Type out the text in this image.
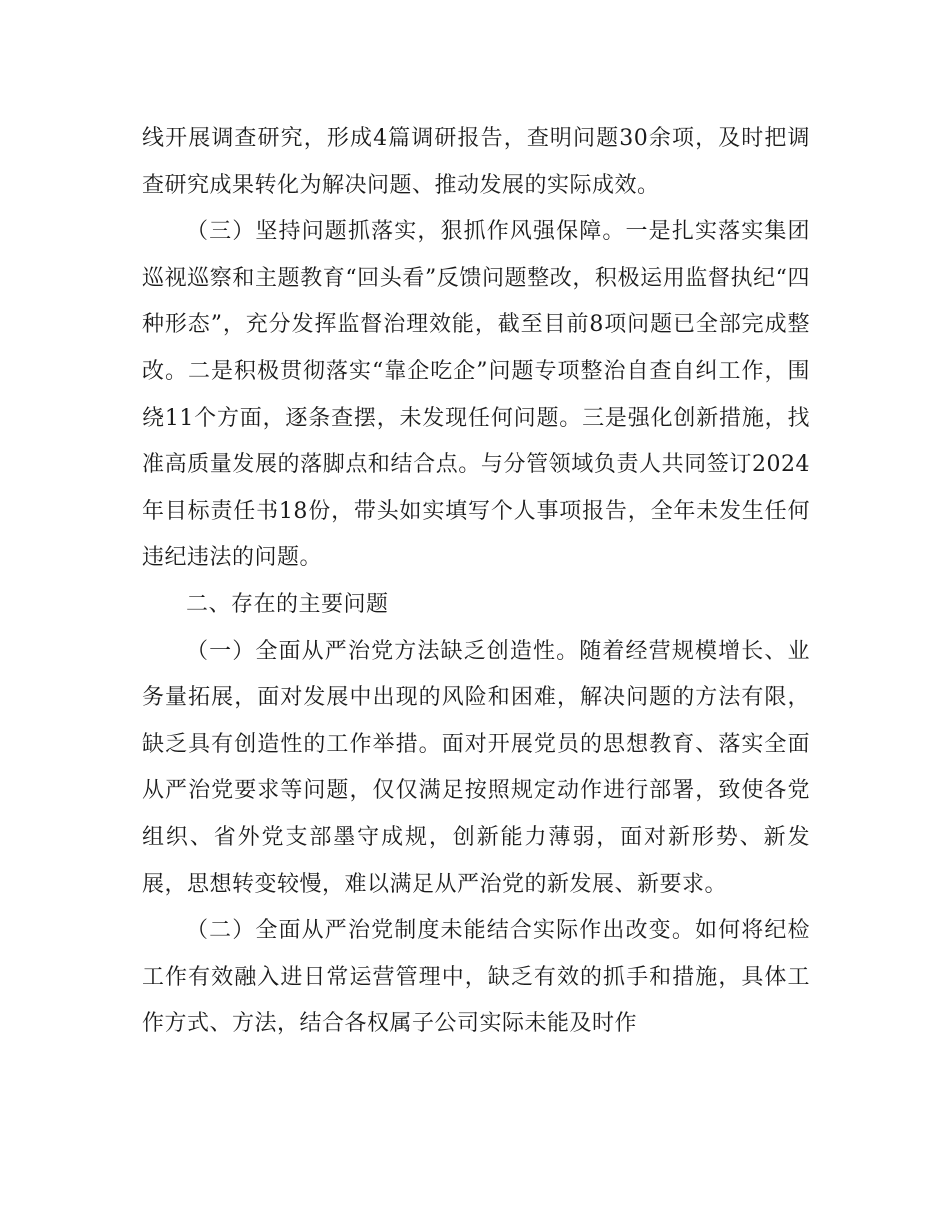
线开展调查研究，形成4篇调研报告，查明问题30余项，及时把调查研究成果转化为解决问题、推动发展的实际成效。

（三）坚持问题抓落实，狠抓作风强保障。一是扎实落实集团巡视巡察和主题教育“回头看”反馈问题整改，积极运用监督执纪“四种形态”，充分发挥监督治理效能，截至目前8项问题已全部完成整改。二是积极贯彻落实“靠企吃企”问题专项整治自查自纠工作，围绕11个方面，逐条查摆，未发现任何问题。三是强化创新措施，找准高质量发展的落脚点和结合点。与分管领域负责人共同签订2024年目标责任书18份，带头如实填写个人事项报告，全年未发生任何违纪违法的问题。

二、存在的主要问题

（一）全面从严治党方法缺乏创造性。随着经营规模增长、业务量拓展，面对发展中出现的风险和困难，解决问题的方法有限，缺乏具有创造性的工作举措。面对开展党员的思想教育、落实全面从严治党要求等问题，仅仅满足按照规定动作进行部署，致使各党组织、省外党支部墨守成规，创新能力薄弱，面对新形势、新发展，思想转变较慢，难以满足从严治党的新发展、新要求。

（二）全面从严治党制度未能结合实际作出改变。如何将纪检工作有效融入进日常运营管理中，缺乏有效的抓手和措施，具体工作方式、方法，结合各权属子公司实际未能及时作
